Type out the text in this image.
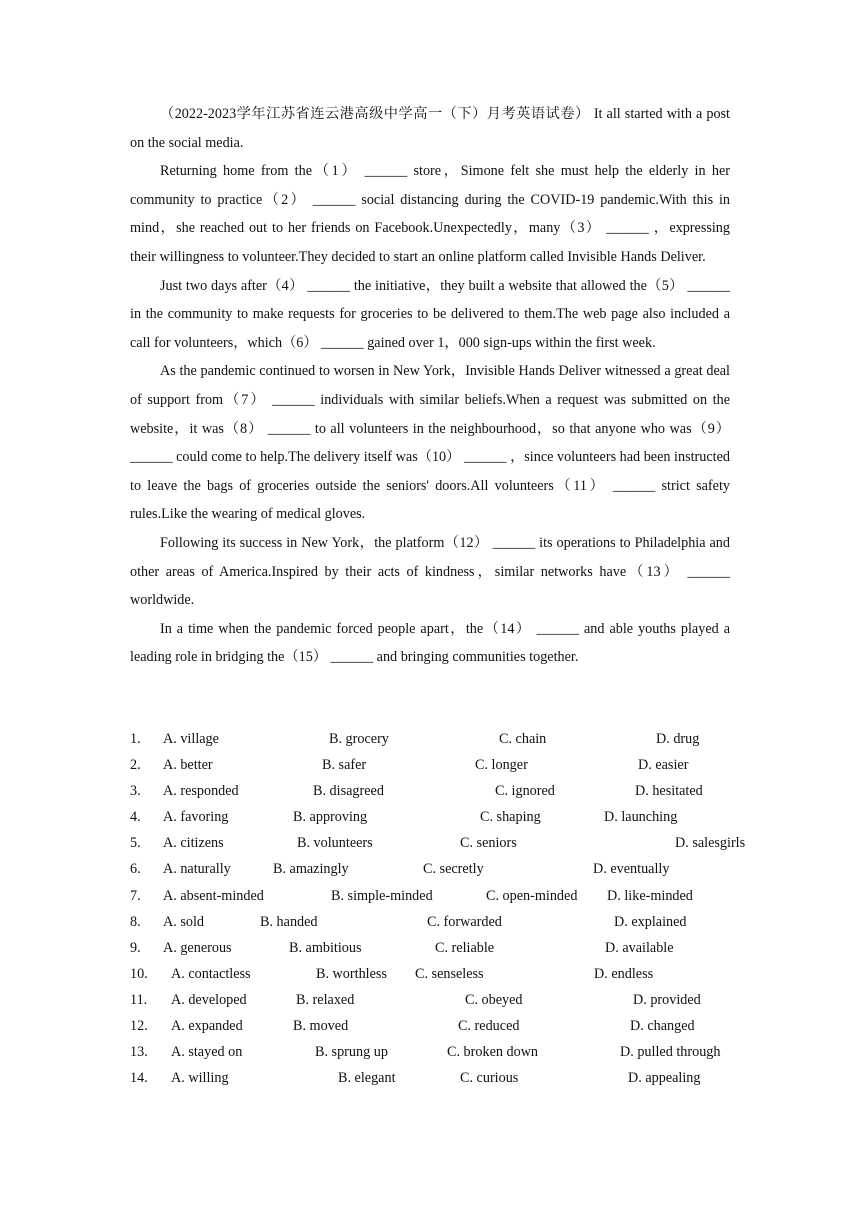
（2022-2023学年江苏省连云港高级中学高一（下）月考英语试卷） It all started with a post on the social media.

Returning home from the（1） ______ store，Simone felt she must help the elderly in her community to practice（2） ______ social distancing during the COVID-19 pandemic.With this in mind，she reached out to her friends on Facebook.Unexpectedly，many（3） ______ ，expressing their willingness to volunteer.They decided to start an online platform called Invisible Hands Deliver.

Just two days after（4） ______ the initiative，they built a website that allowed the（5） ______ in the community to make requests for groceries to be delivered to them.The web page also included a call for volunteers，which（6） ______ gained over 1，000 sign-ups within the first week.

As the pandemic continued to worsen in New York，Invisible Hands Deliver witnessed a great deal of support from（7） ______ individuals with similar beliefs.When a request was submitted on the website，it was（8） ______ to all volunteers in the neighbourhood，so that anyone who was（9） ______ could come to help.The delivery itself was（10） ______ ，since volunteers had been instructed to leave the bags of groceries outside the seniors' doors.All volunteers（11） ______ strict safety rules.Like the wearing of medical gloves.

Following its success in New York，the platform（12） ______ its operations to Philadelphia and other areas of America.Inspired by their acts of kindness，similar networks have（13） ______ worldwide.

In a time when the pandemic forced people apart，the（14） ______ and able youths played a leading role in bridging the（15） ______ and bringing communities together.

1. A. village	B. grocery	C. chain	D. drug
2. A. better	B. safer	C. longer	D. easier
3. A. responded	B. disagreed	C. ignored	D. hesitated
4. A. favoring	B. approving	C. shaping	D. launching
5. A. citizens	B. volunteers	C. seniors	D. salesgirls
6. A. naturally	B. amazingly	C. secretly	D. eventually
7. A. absent-minded	B. simple-minded	C. open-minded D. like-minded
8. A. sold	B. handed	C. forwarded	D. explained
9. A. generous	B. ambitious	C. reliable	D. available
10. A. contactless	B. worthless C. senseless	D. endless
11. A. developed	B. relaxed	C. obeyed	D. provided
12. A. expanded	B. moved	C. reduced	D. changed
13. A. stayed on	B. sprung up	C. broken down	D. pulled through
14. A. willing	B. elegant	C. curious	D. appealing
